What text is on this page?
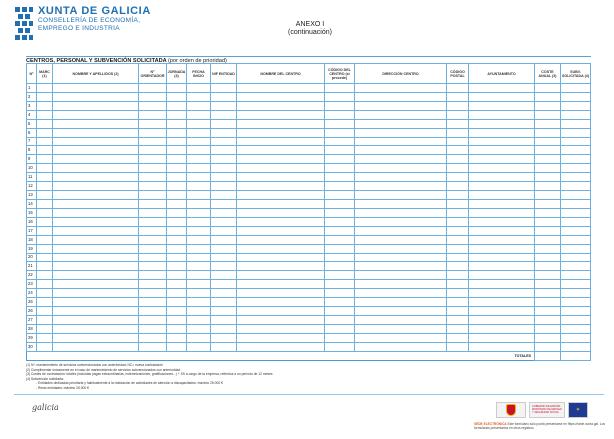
XUNTA DE GALICIA
CONSELLERÍA DE ECONOMÍA,
EMPREGO E INDUSTRIA	ANEXO I
(continuación)
CENTROS, PERSONAL Y SUBVENCIÓN SOLICITADA (por orden de prioridad)
Nº	MARC (1)	NOMBRE Y APELLIDOS (2)	Nº ORIENTADOR	JORNADA (3)	FECHA INICIO	NIF ENTIDAD	NOMBRE DEL CENTRO	CÓDIGO DEL CENTRO (si procede)	DIRECCIÓN CENTRO	CÓDIGO POSTAL	AYUNTAMIENTO	COSTE ANUAL (3)	SUBV. SOLICITADA (4)
1													
2													
3													
4													
5													
6													
7													
8													
9													
10													
11													
12													
13													
14													
15													
16													
17													
18													
19													
20													
21													
22													
23													
24													
25													
26													
27													
28													
29													
30													
TOTALES													
(1) Nº: mantenimiento de servicios subvencionados con anterioridad; NC= nueva contratación
(2) Cumplimentar únicamente en el caso de mantenimiento de servicios subvencionados con anterioridad
(3) Costes de contratación: totales (incluidas pagas extraordinarias, indemnizaciones, gratificaciones...) + SS a cargo de la empresa, referidos a un período de 12 meses
(4) Subvención solicitada:
- Entidades dedicadas prioritaria y habitualmente a la realización de actividades de atención a discapacitados: máximo 25.000 €
- Resto entidades: máximo 25.000 €
galicia	GOBIERNO DE ESPAÑA MINISTERIO DE EMPLEO Y SEGURIDAD SOCIAL	✶
SEDE ELECTRÓNICA Este formulario sólo podrá presentarse en https://sede.xunta.gal. Los formularios presentados en otros registros
